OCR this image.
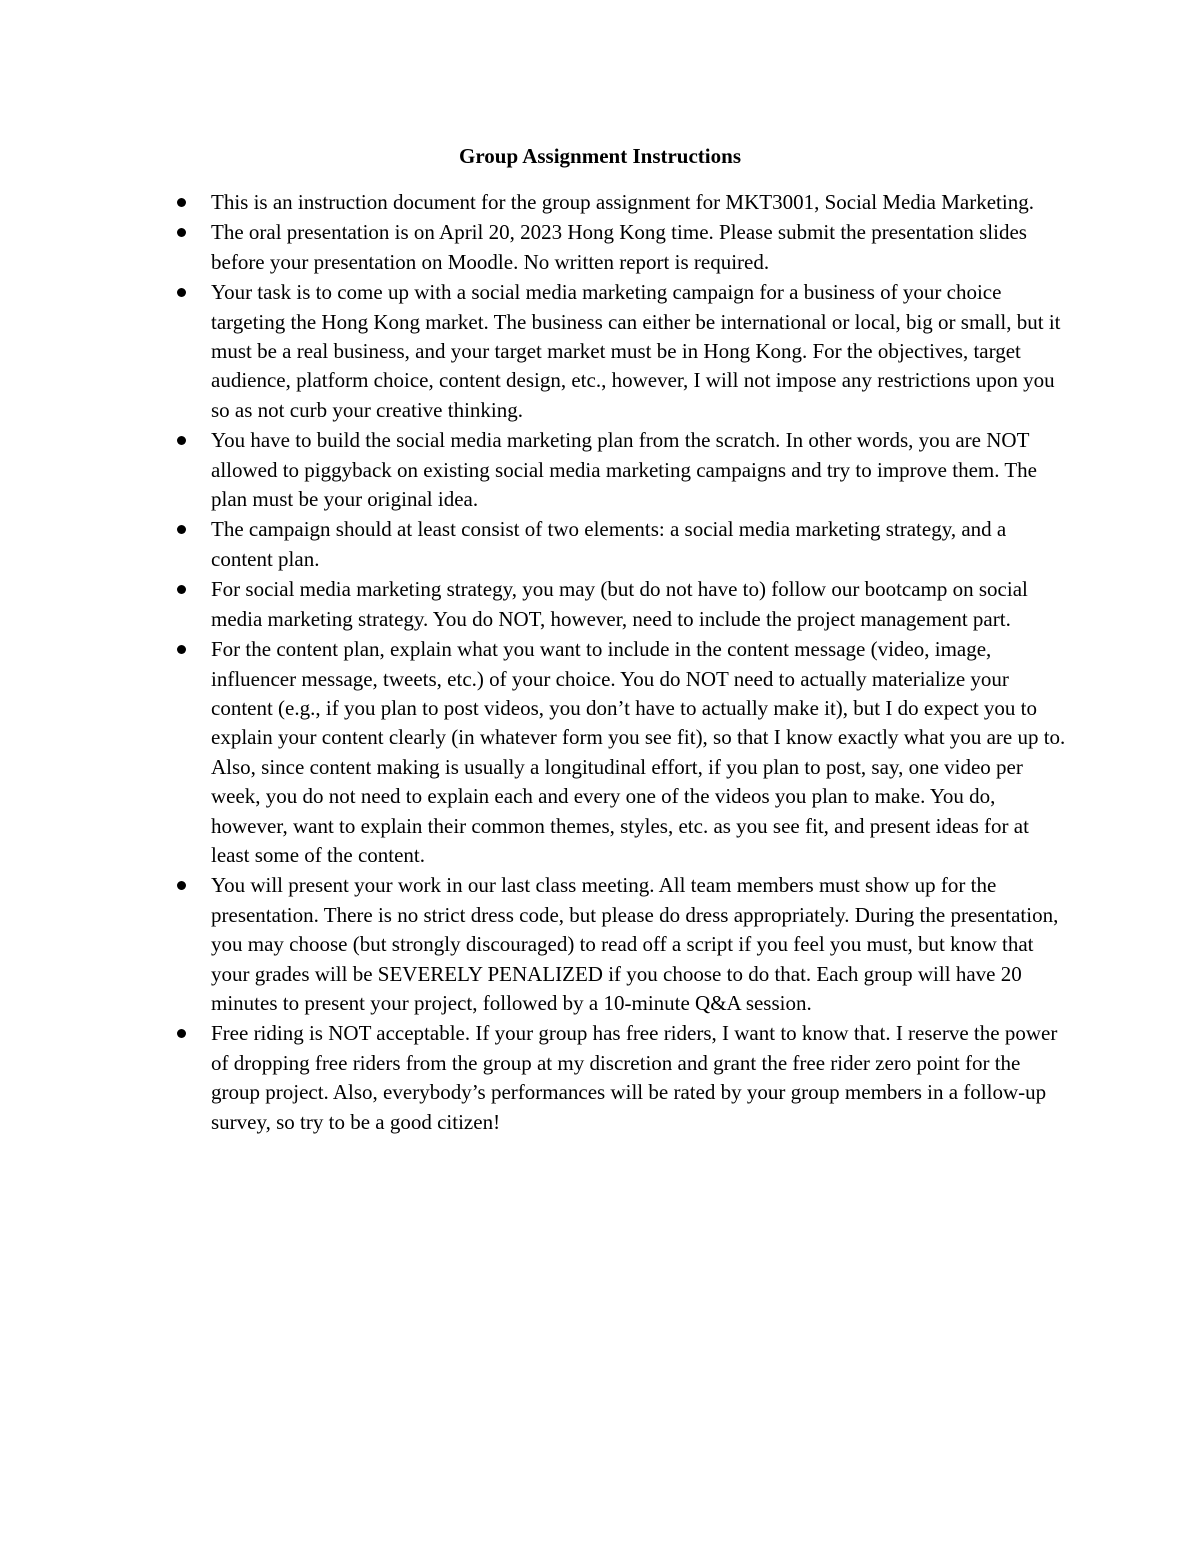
Group Assignment Instructions
This is an instruction document for the group assignment for MKT3001, Social Media Marketing.
The oral presentation is on April 20, 2023 Hong Kong time. Please submit the presentation slides before your presentation on Moodle. No written report is required.
Your task is to come up with a social media marketing campaign for a business of your choice targeting the Hong Kong market. The business can either be international or local, big or small, but it must be a real business, and your target market must be in Hong Kong. For the objectives, target audience, platform choice, content design, etc., however, I will not impose any restrictions upon you so as not curb your creative thinking.
You have to build the social media marketing plan from the scratch. In other words, you are NOT allowed to piggyback on existing social media marketing campaigns and try to improve them. The plan must be your original idea.
The campaign should at least consist of two elements: a social media marketing strategy, and a content plan.
For social media marketing strategy, you may (but do not have to) follow our bootcamp on social media marketing strategy. You do NOT, however, need to include the project management part.
For the content plan, explain what you want to include in the content message (video, image, influencer message, tweets, etc.) of your choice. You do NOT need to actually materialize your content (e.g., if you plan to post videos, you don’t have to actually make it), but I do expect you to explain your content clearly (in whatever form you see fit), so that I know exactly what you are up to. Also, since content making is usually a longitudinal effort, if you plan to post, say, one video per week, you do not need to explain each and every one of the videos you plan to make. You do, however, want to explain their common themes, styles, etc. as you see fit, and present ideas for at least some of the content.
You will present your work in our last class meeting. All team members must show up for the presentation. There is no strict dress code, but please do dress appropriately. During the presentation, you may choose (but strongly discouraged) to read off a script if you feel you must, but know that your grades will be SEVERELY PENALIZED if you choose to do that. Each group will have 20 minutes to present your project, followed by a 10-minute Q&A session.
Free riding is NOT acceptable. If your group has free riders, I want to know that. I reserve the power of dropping free riders from the group at my discretion and grant the free rider zero point for the group project. Also, everybody’s performances will be rated by your group members in a follow-up survey, so try to be a good citizen!
